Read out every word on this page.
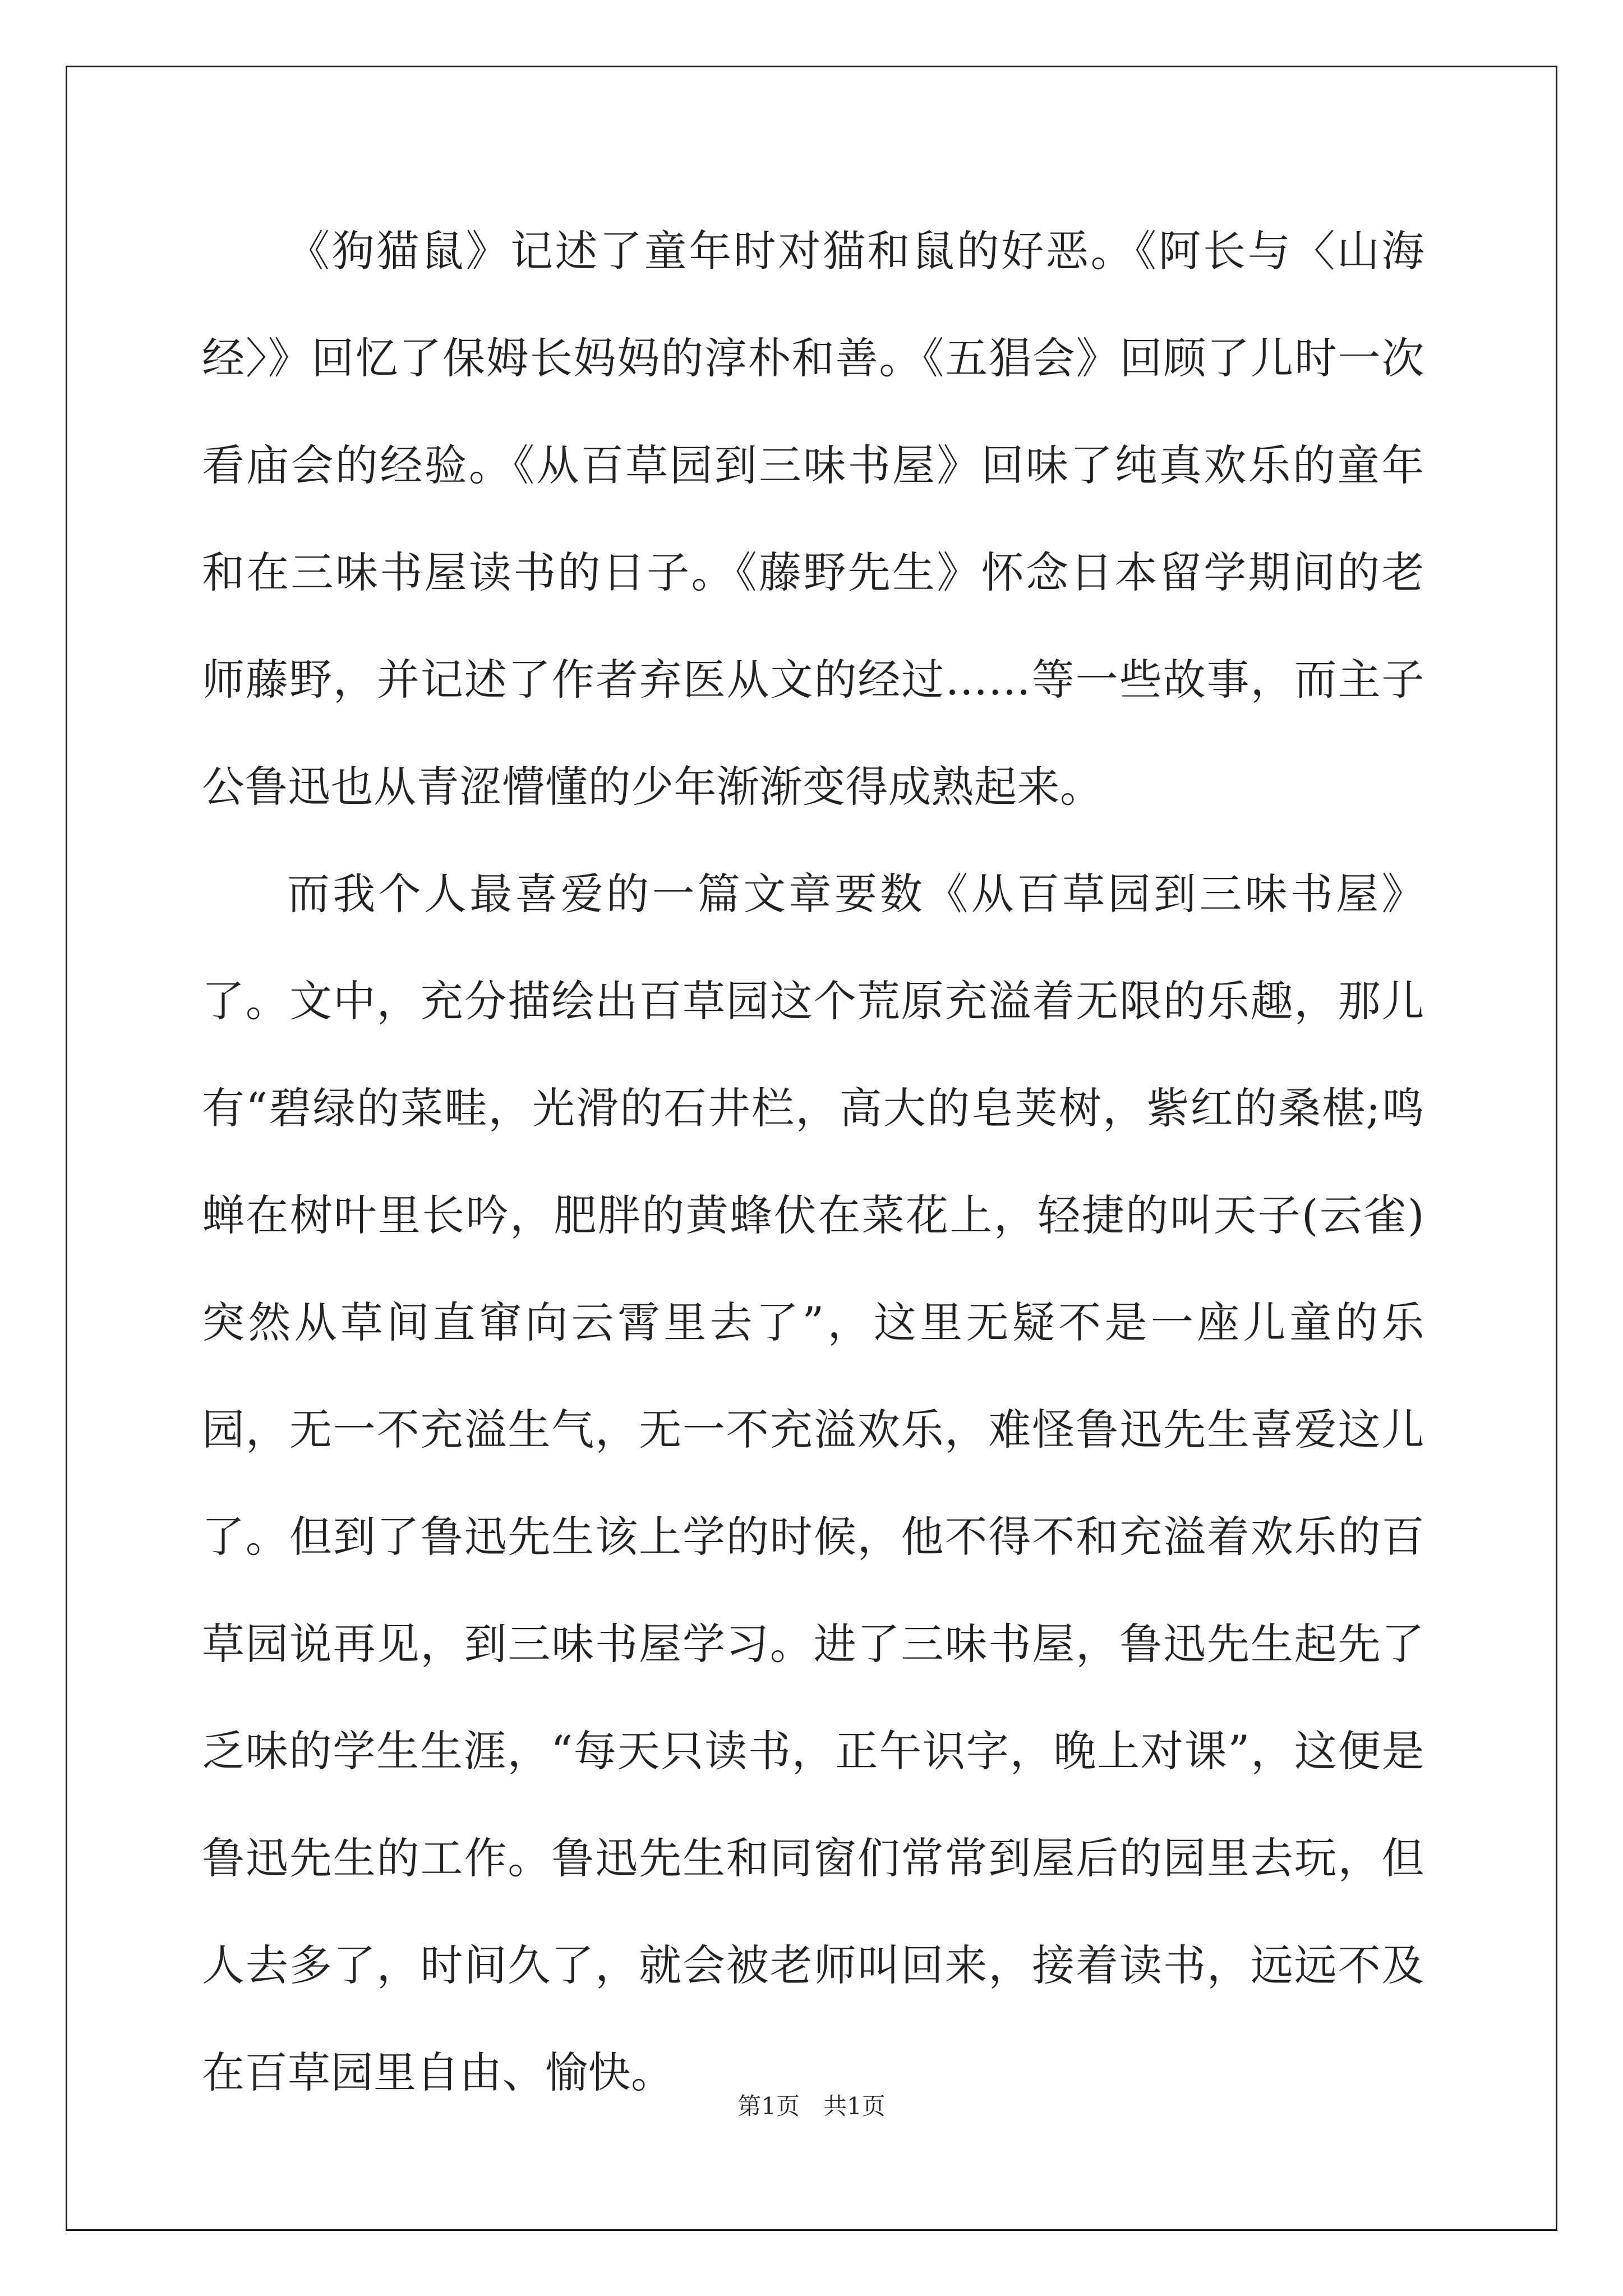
《狗猫鼠》记述了童年时对猫和鼠的好恶。《阿长与〈山海经〉》回忆了保姆长妈妈的淳朴和善。《五猖会》回顾了儿时一次看庙会的经验。《从百草园到三味书屋》回味了纯真欢乐的童年和在三味书屋读书的日子。《藤野先生》怀念日本留学期间的老师藤野，并记述了作者弃医从文的经过……等一些故事，而主子公鲁迅也从青涩懵懂的少年渐渐变得成熟起来。

而我个人最喜爱的一篇文章要数《从百草园到三味书屋》了。文中，充分描绘出百草园这个荒原充溢着无限的乐趣，那儿有“碧绿的菜畦，光滑的石井栏，高大的皂荚树，紫红的桑椹;鸣蝉在树叶里长吟，肥胖的黄蜂伏在菜花上，轻捷的叫天子(云雀)突然从草间直窜向云霄里去了”，这里无疑不是一座儿童的乐园，无一不充溢生气，无一不充溢欢乐，难怪鲁迅先生喜爱这儿了。但到了鲁迅先生该上学的时候，他不得不和充溢着欢乐的百草园说再见，到三味书屋学习。进了三味书屋，鲁迅先生起先了乏味的学生生涯，“每天只读书，正午识字，晚上对课”，这便是鲁迅先生的工作。鲁迅先生和同窗们常常到屋后的园里去玩，但人去多了，时间久了，就会被老师叫回来，接着读书，远远不及在百草园里自由、愉快。

第1页　共1页
